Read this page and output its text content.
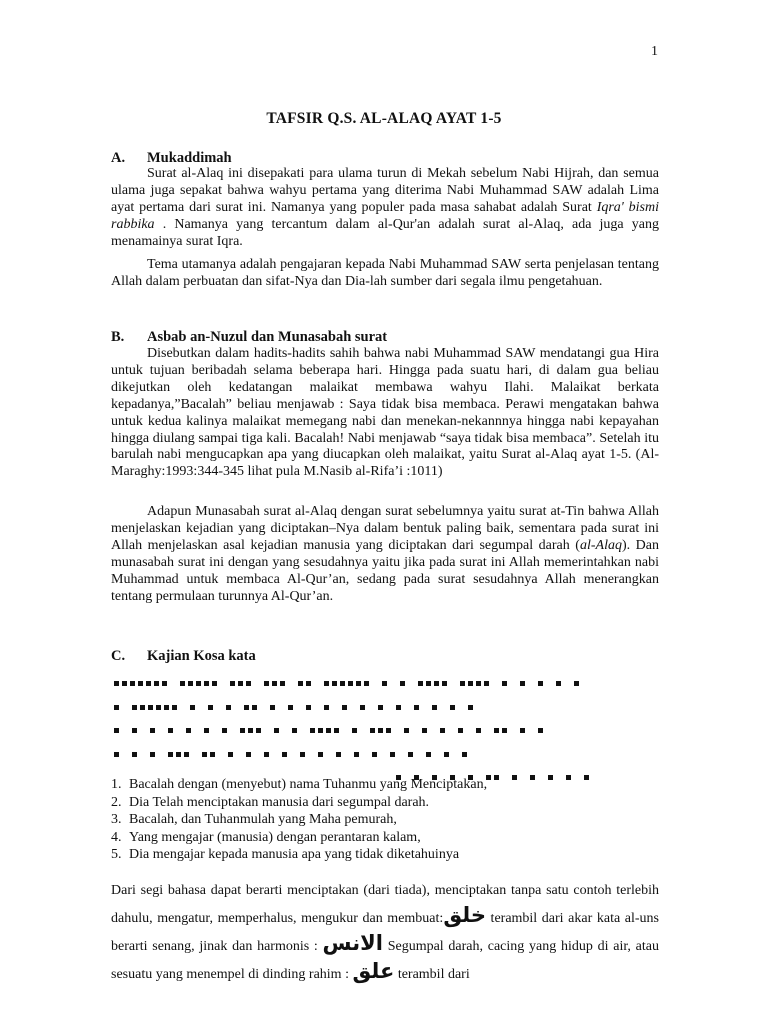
1
TAFSIR Q.S. AL-ALAQ AYAT 1-5
A. Mukaddimah

Surat al-Alaq ini disepakati para ulama turun di Mekah sebelum Nabi Hijrah, dan semua ulama juga sepakat bahwa wahyu pertama yang diterima Nabi Muhammad SAW adalah Lima ayat pertama dari surat ini. Namanya yang populer pada masa sahabat adalah Surat Iqra' bismi rabbika . Namanya yang tercantum dalam al-Qur'an adalah surat al-Alaq, ada juga yang menamainya surat Iqra.

Tema utamanya adalah pengajaran kepada Nabi Muhammad SAW serta penjelasan tentang Allah dalam perbuatan dan sifat-Nya dan Dia-lah sumber dari segala ilmu pengetahuan.

B. Asbab an-Nuzul dan Munasabah surat

Disebutkan dalam hadits-hadits sahih bahwa nabi Muhammad SAW mendatangi gua Hira untuk tujuan beribadah selama beberapa hari. Hingga pada suatu hari, di dalam gua beliau dikejutkan oleh kedatangan malaikat membawa wahyu Ilahi. Malaikat berkata kepadanya,”Bacalah” beliau menjawab : Saya tidak bisa membaca. Perawi mengatakan bahwa untuk kedua kalinya malaikat memegang nabi dan menekan-nekannnya hingga nabi kepayahan hingga diulang sampai tiga kali. Bacalah! Nabi menjawab “saya tidak bisa membaca”. Setelah itu barulah nabi mengucapkan apa yang diucapkan oleh malaikat, yaitu Surat al-Alaq ayat 1-5. (Al-Maraghy:1993:344-345 lihat pula M.Nasib al-Rifa’i :1011)

Adapun Munasabah surat al-Alaq dengan surat sebelumnya yaitu surat at-Tin bahwa Allah menjelaskan kejadian yang diciptakan–Nya dalam bentuk paling baik, sementara pada surat ini Allah menjelaskan asal kejadian manusia yang diciptakan dari segumpal darah (al-Alaq). Dan munasabah surat ini dengan yang sesudahnya yaitu jika pada surat ini Allah memerintahkan nabi Muhammad untuk membaca Al-Qur’an, sedang pada surat sesudahnya Allah menerangkan tentang permulaan turunnya Al-Qur’an.

C. Kajian Kosa kata
1. Bacalah dengan (menyebut) nama Tuhanmu yang Menciptakan,
2. Dia Telah menciptakan manusia dari segumpal darah.
3. Bacalah, dan Tuhanmulah yang Maha pemurah,
4. Yang mengajar (manusia) dengan perantaran kalam,
5. Dia mengajar kepada manusia apa yang tidak diketahuinya

Dari segi bahasa dapat berarti menciptakan (dari tiada), menciptakan tanpa satu contoh terlebih dahulu, mengatur, memperhalus, mengukur dan membuat:خلق terambil dari akar kata al-uns berarti senang, jinak dan harmonis : الانس Segumpal darah, cacing yang hidup di air, atau sesuatu yang menempel di dinding rahim : علق terambil dari
